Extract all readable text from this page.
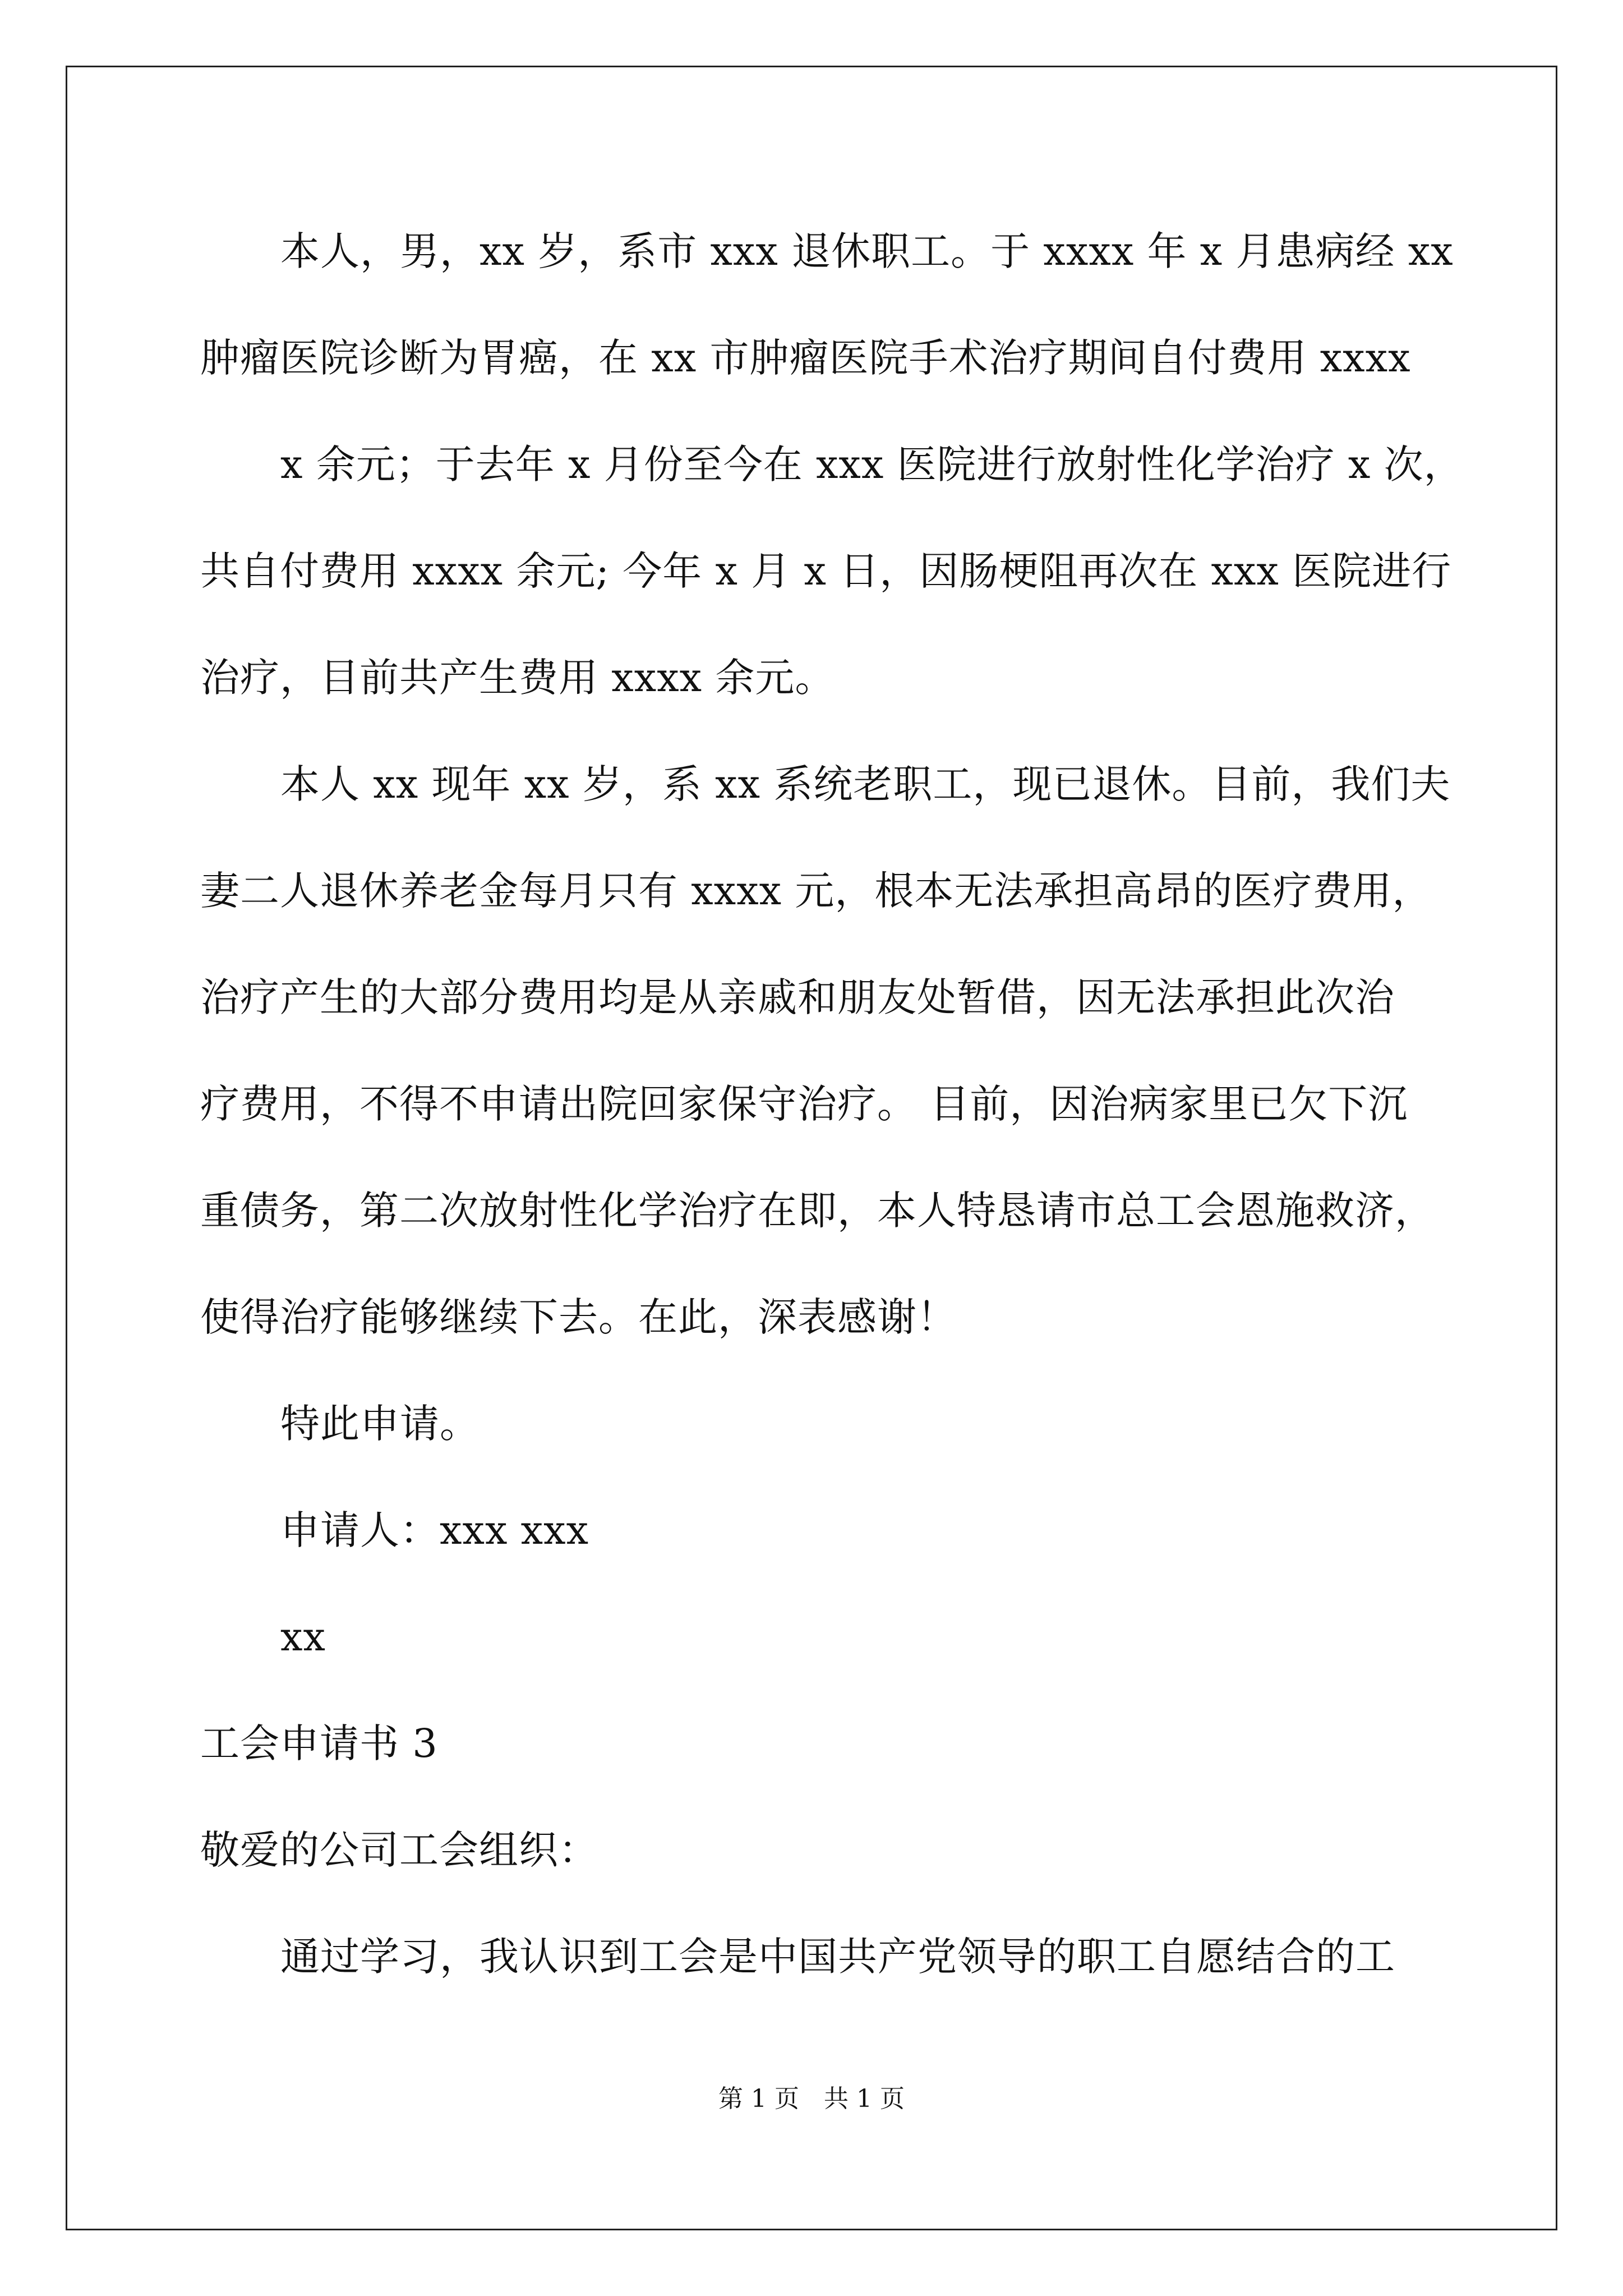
本人，男，xx 岁，系市 xxx 退休职工。于 xxxx 年 x 月患病经 xx
肿瘤医院诊断为胃癌，在 xx 市肿瘤医院手术治疗期间自付费用 xxxx
x 余元；于去年 x 月份至今在 xxx 医院进行放射性化学治疗 x 次，
共自付费用 xxxx 余元; 今年 x 月 x 日，因肠梗阻再次在 xxx 医院进行
治疗，目前共产生费用 xxxx 余元。
本人 xx 现年 xx 岁，系 xx 系统老职工，现已退休。目前，我们夫
妻二人退休养老金每月只有 xxxx 元，根本无法承担高昂的医疗费用，
治疗产生的大部分费用均是从亲戚和朋友处暂借，因无法承担此次治
疗费用，不得不申请出院回家保守治疗。 目前，因治病家里已欠下沉
重债务，第二次放射性化学治疗在即，本人特恳请市总工会恩施救济，
使得治疗能够继续下去。在此，深表感谢！
特此申请。
申请人：xxx xxx
xx
工会申请书 3
敬爱的公司工会组织：
通过学习，我认识到工会是中国共产党领导的职工自愿结合的工
第 1 页　共 1 页
